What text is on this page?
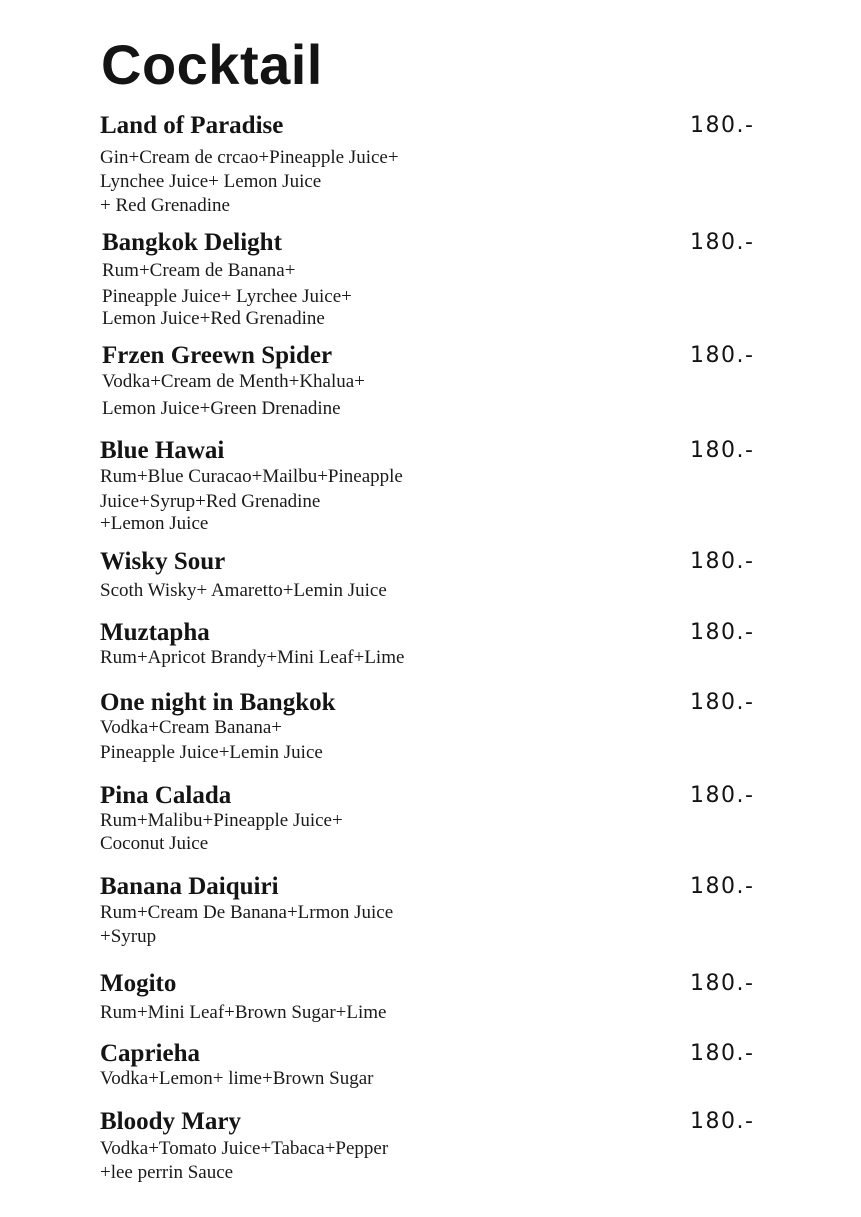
Cocktail
Land of Paradise	180.-
Gin+Cream de crcao+Pineapple Juice+
Lynchee Juice+ Lemon Juice
+ Red Grenadine
Bangkok Delight	180.-
Rum+Cream de Banana+
Pineapple Juice+ Lyrchee Juice+
Lemon Juice+Red Grenadine
Frzen Greewn Spider	180.-
Vodka+Cream de Menth+Khalua+
Lemon Juice+Green Drenadine
Blue Hawai	180.-
Rum+Blue Curacao+Mailbu+Pineapple
Juice+Syrup+Red Grenadine
+Lemon Juice
Wisky Sour	180.-
Scoth Wisky+ Amaretto+Lemin Juice
Muztapha	180.-
Rum+Apricot Brandy+Mini Leaf+Lime
One night in Bangkok	180.-
Vodka+Cream Banana+
Pineapple Juice+Lemin Juice
Pina Calada	180.-
Rum+Malibu+Pineapple Juice+
Coconut Juice
Banana Daiquiri	180.-
Rum+Cream De Banana+Lrmon Juice
+Syrup
Mogito	180.-
Rum+Mini Leaf+Brown Sugar+Lime
Caprieha	180.-
Vodka+Lemon+ lime+Brown Sugar
Bloody Mary	180.-
Vodka+Tomato Juice+Tabaca+Pepper
+lee perrin Sauce
